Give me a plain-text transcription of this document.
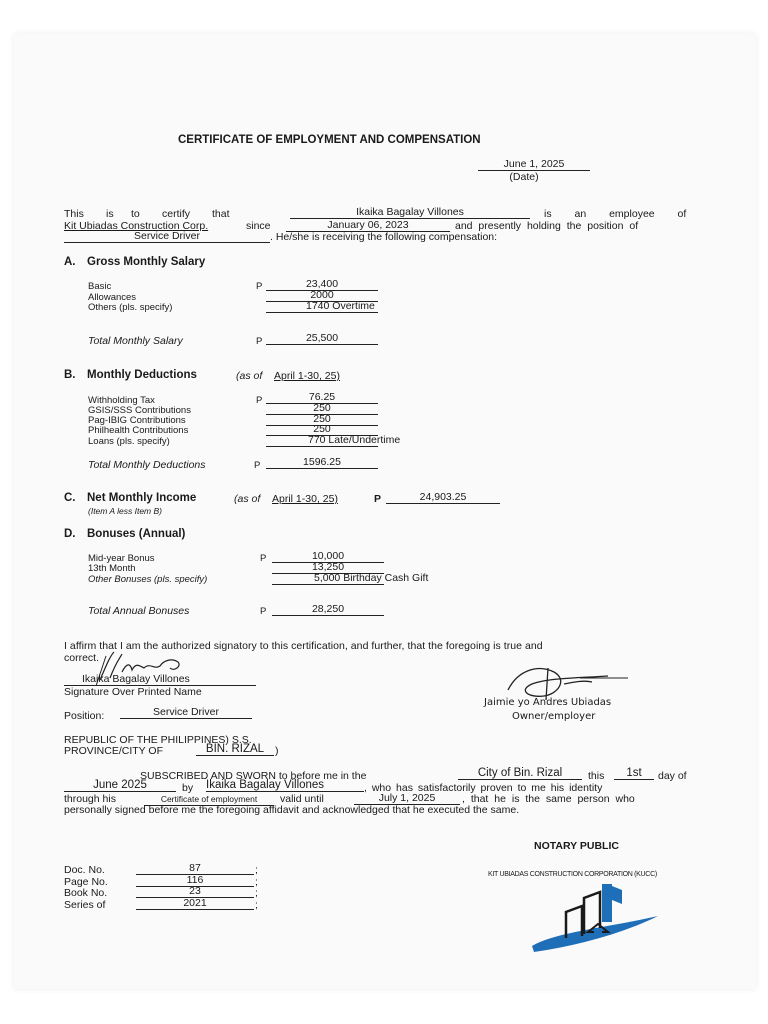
CERTIFICATE OF EMPLOYMENT AND COMPENSATION
June 1, 2025
(Date)
This is to certify that	Ikaika Bagalay Villones	is an employee of
Kit Ubiadas Construction Corp.	since	January 06, 2023	and presently holding the position of
Service Driver	. He/she is receiving the following compensation:
A. Gross Monthly Salary
Basic	P	23,400
Allowances	2000
Others (pls. specify)	1740 Overtime
Total Monthly Salary	P	25,500
B. Monthly Deductions	(as of April 1-30, 25)
Withholding Tax	P	76.25
GSIS/SSS Contributions	250
Pag-IBIG Contributions	250
Philhealth Contributions	250
Loans (pls. specify)	770 Late/Undertime
Total Monthly Deductions	P	1596.25
C. Net Monthly Income	(as of April 1-30, 25)	P	24,903.25
(Item A less Item B)
D. Bonuses (Annual)
Mid-year Bonus	P	10,000
13th Month	13,250
Other Bonuses (pls. specify)	5,000 Birthday Cash Gift
Total Annual Bonuses	P	28,250
I affirm that I am the authorized signatory to this certification, and further, that the foregoing is true and
correct.
Ikaika Bagalay Villones
Signature Over Printed Name
Position:	Service Driver
Jaimie yo Andres Ubiadas
Owner/employer
REPUBLIC OF THE PHILIPPINES) S.S.
PROVINCE/CITY OF	BIN. RIZAL	)
SUBSCRIBED AND SWORN to before me in the	City of Bin. Rizal	this	1st	day of
June 2025	by Ikaika Bagalay Villones	, who has satisfactorily proven to me his identity
through his	Certificate of employment	valid until	July 1, 2025	, that he is the same person who
personally signed before me the foregoing affidavit and acknowledged that he executed the same.
NOTARY PUBLIC
Doc. No.	87	;
Page No.	116	;
Book No.	23	;
Series of	2021	;
KIT UBIADAS CONSTRUCTION CORPORATION (KUCC)
